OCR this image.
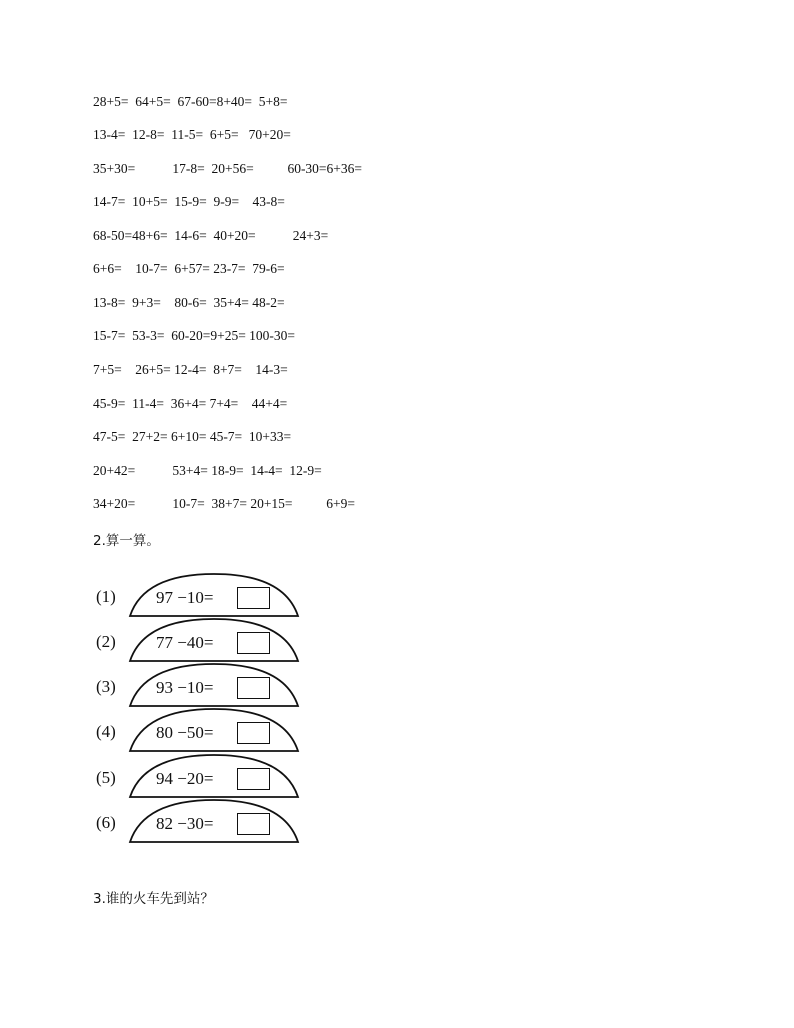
28+5=  64+5=  67-60=8+40=  5+8=
13-4=  12-8=  11-5=  6+5=   70+20=
35+30=           17-8=  20+56=          60-30=6+36=
14-7=  10+5=  15-9=  9-9=    43-8=
68-50=48+6=  14-6=  40+20=           24+3=
6+6=    10-7=  6+57= 23-7=  79-6=
13-8=  9+3=    80-6=  35+4= 48-2=
15-7=  53-3=  60-20=9+25= 100-30=
7+5=    26+5= 12-4=  8+7=    14-3=
45-9=  11-4=  36+4= 7+4=    44+4=
47-5=  27+2= 6+10= 45-7=  10+33=
20+42=           53+4= 18-9=  14-4=  12-9=
34+20=           10-7=  38+7= 20+15=          6+9=
2.算一算。
(1) 97 −10=
(2) 77 −40=
(3) 93 −10=
(4) 80 −50=
(5) 94 −20=
(6) 82 −30=
3.谁的火车先到站？
